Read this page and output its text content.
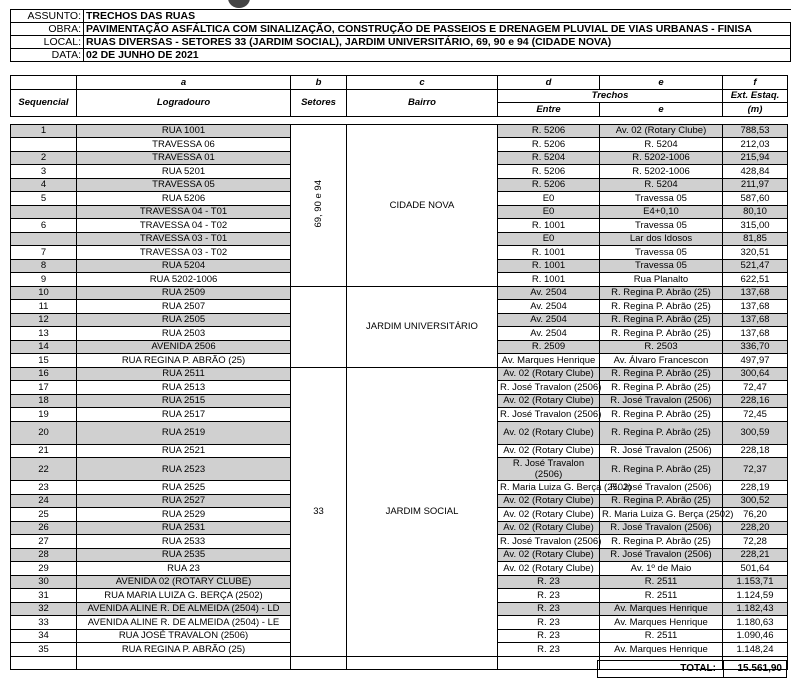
ASSUNTO:	TRECHOS DAS RUAS
OBRA:	PAVIMENTAÇÃO ASFÁLTICA COM SINALIZAÇÃO, CONSTRUÇÃO DE PASSEIOS E DRENAGEM PLUVIAL DE VIAS URBANAS - FINISA
LOCAL:	RUAS DIVERSAS - SETORES 33 (JARDIM SOCIAL), JARDIM UNIVERSITÁRIO, 69, 90 e 94 (CIDADE NOVA)
DATA:	02 DE JUNHO DE 2021
	a	b	c	d	e	f
Sequencial	Logradouro	Setores	Bairro	Trechos		Ext. Estaq.
				Entre	e	(m)

1	RUA 1001	69, 90 e 94	CIDADE NOVA	R. 5206	Av. 02 (Rotary Clube)	788,53
	TRAVESSA 06			R. 5206	R. 5204	212,03
2	TRAVESSA 01			R. 5204	R. 5202-1006	215,94
3	RUA 5201			R. 5206	R. 5202-1006	428,84
4	TRAVESSA 05			R. 5206	R. 5204	211,97
5	RUA 5206			E0	Travessa 05	587,60
	TRAVESSA 04 - T01			E0	E4+0,10	80,10
6	TRAVESSA 04 - T02			R. 1001	Travessa 05	315,00
	TRAVESSA 03 - T01			E0	Lar dos Idosos	81,85
7	TRAVESSA 03 - T02			R. 1001	Travessa 05	320,51
8	RUA 5204			R. 1001	Travessa 05	521,47
9	RUA 5202-1006			R. 1001	Rua Planalto	622,51
10	RUA 2509		JARDIM UNIVERSITÁRIO	Av. 2504	R. Regina P. Abrão (25)	137,68
11	RUA 2507			Av. 2504	R. Regina P. Abrão (25)	137,68
12	RUA 2505			Av. 2504	R. Regina P. Abrão (25)	137,68
13	RUA 2503			Av. 2504	R. Regina P. Abrão (25)	137,68
14	AVENIDA 2506			R. 2509	R. 2503	336,70
15	RUA REGINA P. ABRÃO (25)			Av. Marques Henrique	Av. Álvaro Francescon	497,97
16	RUA 2511	33	JARDIM SOCIAL	Av. 02 (Rotary Clube)	R. Regina P. Abrão (25)	300,64
17	RUA 2513			R. José Travalon (2506)	R. Regina P. Abrão (25)	72,47
18	RUA 2515			Av. 02 (Rotary Clube)	R. José Travalon (2506)	228,16
19	RUA 2517			R. José Travalon (2506)	R. Regina P. Abrão (25)	72,45
20	RUA 2519			Av. 02 (Rotary Clube)	R. Regina P. Abrão (25)	300,59
21	RUA 2521			Av. 02 (Rotary Clube)	R. José Travalon (2506)	228,18
22	RUA 2523			R. José Travalon (2506)	R. Regina P. Abrão (25)	72,37
23	RUA 2525			R. Maria Luiza G. Berça (2502)	R. José Travalon (2506)	228,19
24	RUA 2527			Av. 02 (Rotary Clube)	R. Regina P. Abrão (25)	300,52
25	RUA 2529			Av. 02 (Rotary Clube)	R. Maria Luiza G. Berça (2502)	76,20
26	RUA 2531			Av. 02 (Rotary Clube)	R. José Travalon (2506)	228,20
27	RUA 2533			R. José Travalon (2506)	R. Regina P. Abrão (25)	72,28
28	RUA 2535			Av. 02 (Rotary Clube)	R. José Travalon (2506)	228,21
29	RUA 23			Av. 02 (Rotary Clube)	Av. 1º de Maio	501,64
30	AVENIDA 02 (ROTARY CLUBE)			R. 23	R. 2511	1.153,71
31	RUA MARIA LUIZA G. BERÇA (2502)			R. 23	R. 2511	1.124,59
32	AVENIDA ALINE R. DE ALMEIDA (2504) - LD			R. 23	Av. Marques Henrique	1.182,43
33	AVENIDA ALINE R. DE ALMEIDA (2504) - LE			R. 23	Av. Marques Henrique	1.180,63
34	RUA JOSÉ TRAVALON (2506)			R. 23	R. 2511	1.090,46
35	RUA REGINA P. ABRÃO (25)			R. 23	Av. Marques Henrique	1.148,24

TOTAL: 15.561,90
